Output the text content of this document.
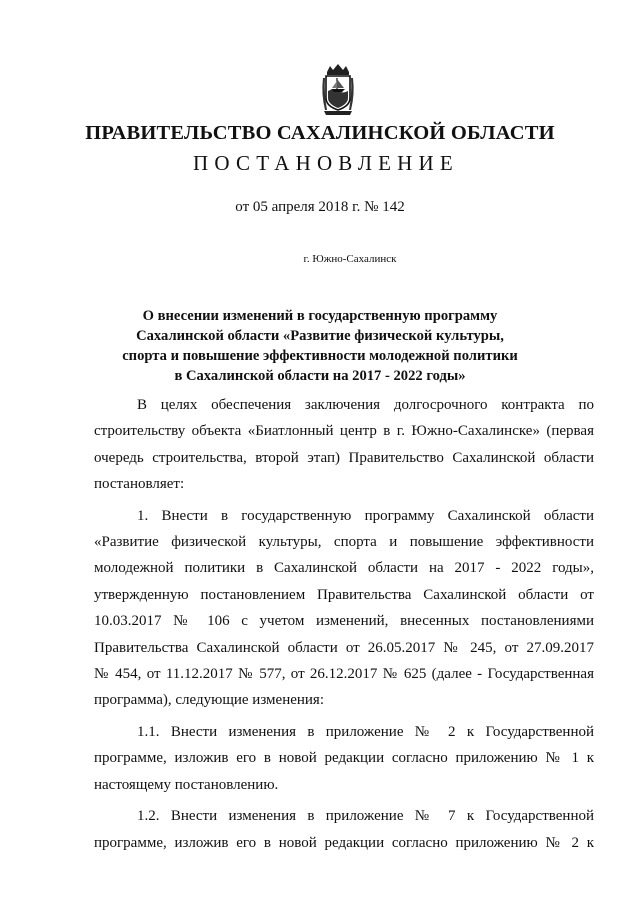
ПРАВИТЕЛЬСТВО САХАЛИНСКОЙ ОБЛАСТИ
ПОСТАНОВЛЕНИЕ
от 05 апреля 2018 г. № 142
г. Южно-Сахалинск
О внесении изменений в государственную программу
Сахалинской области «Развитие физической культуры,
спорта и повышение эффективности молодежной политики
в Сахалинской области на 2017 - 2022 годы»

В целях обеспечения заключения долгосрочного контракта по
строительству объекта «Биатлонный центр в г. Южно-Сахалинске» (первая
очередь строительства, второй этап) Правительство Сахалинской области
постановляет:

1. Внести в государственную программу Сахалинской области
«Развитие физической культуры, спорта и повышение эффективности
молодежной политики в Сахалинской области на 2017 - 2022 годы»,
утвержденную постановлением Правительства Сахалинской области от
10.03.2017 № 106 с учетом изменений, внесенных постановлениями
Правительства Сахалинской области от 26.05.2017 № 245, от 27.09.2017
№ 454, от 11.12.2017 № 577, от 26.12.2017 № 625 (далее - Государственная
программа), следующие изменения:

1.1. Внести изменения в приложение № 2 к Государственной
программе, изложив его в новой редакции согласно приложению № 1 к
настоящему постановлению.

1.2. Внести изменения в приложение № 7 к Государственной
программе, изложив его в новой редакции согласно приложению № 2 к
